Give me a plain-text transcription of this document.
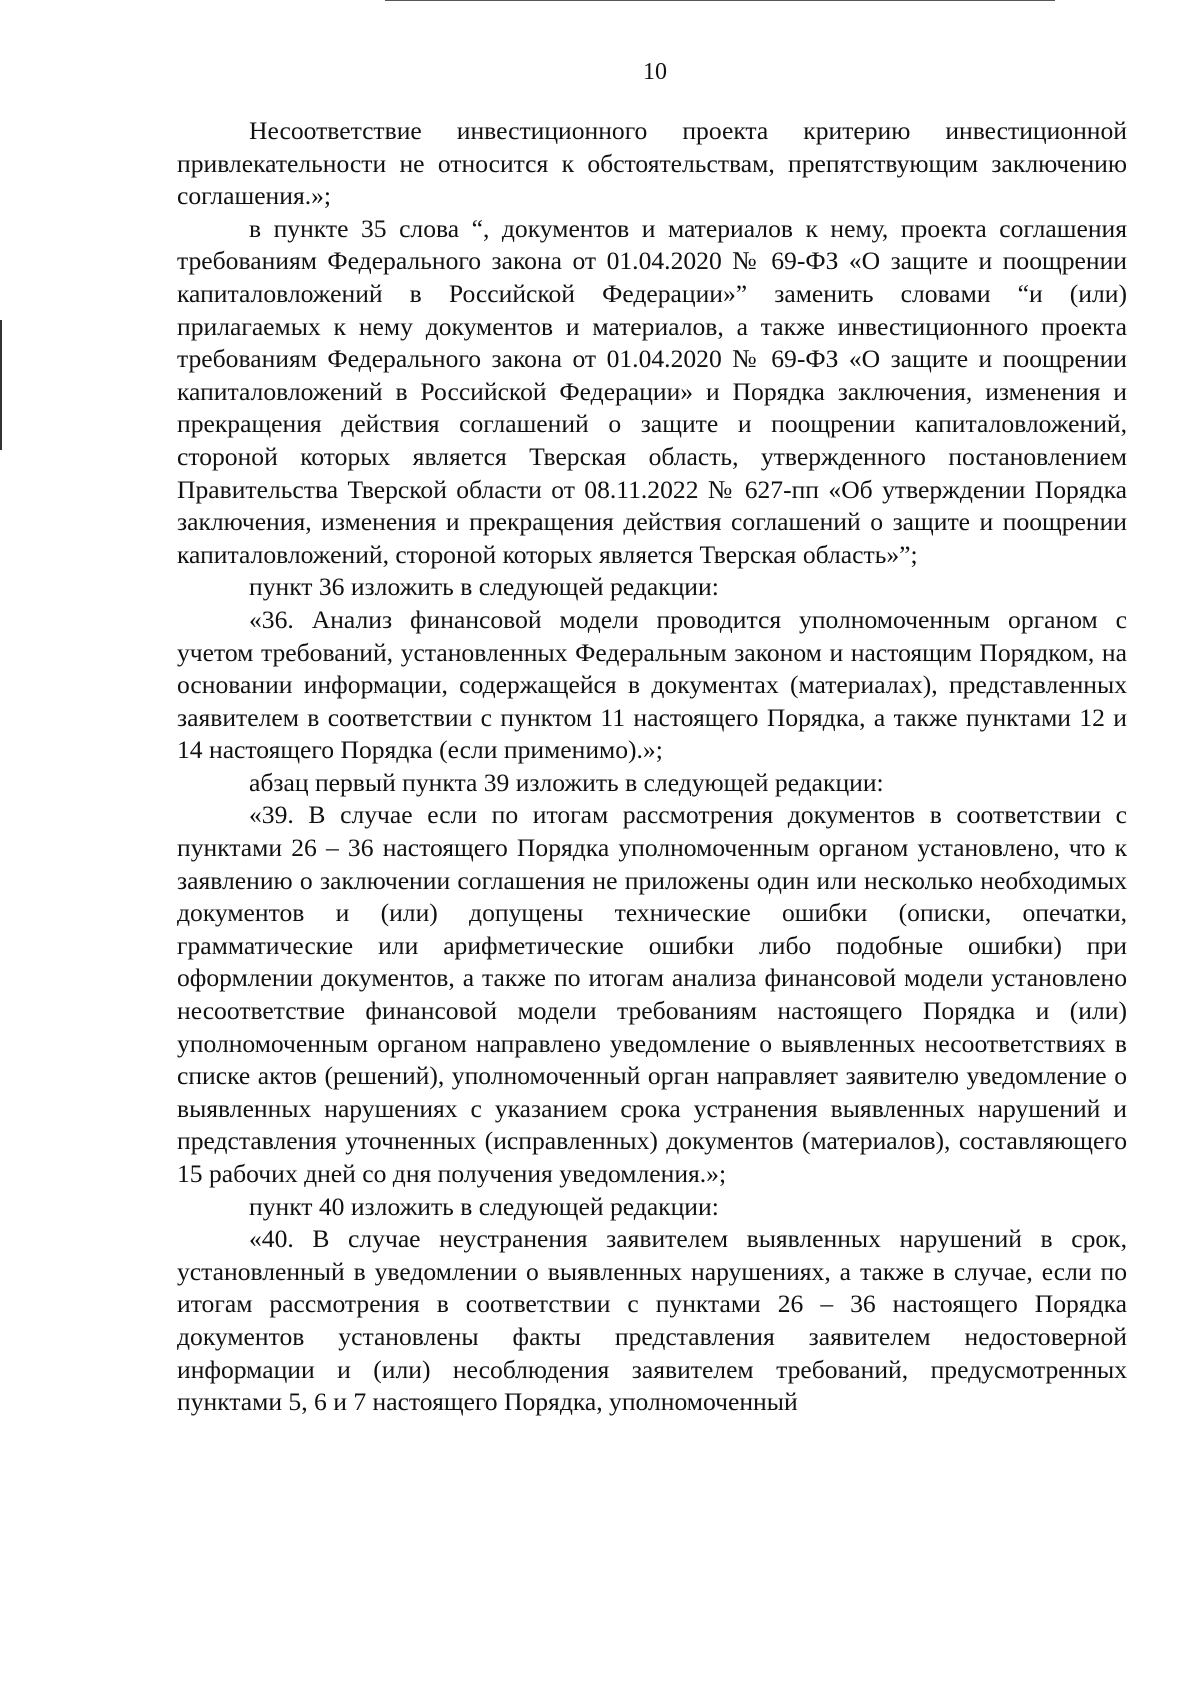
10

Несоответствие инвестиционного проекта критерию инвестиционной привлекательности не относится к обстоятельствам, препятствующим заключению соглашения.»;

в пункте 35 слова “, документов и материалов к нему, проекта соглашения требованиям Федерального закона от 01.04.2020 № 69-ФЗ «О защите и поощрении капиталовложений в Российской Федерации»” заменить словами “и (или) прилагаемых к нему документов и материалов, а также инвестиционного проекта требованиям Федерального закона от 01.04.2020 № 69-ФЗ «О защите и поощрении капиталовложений в Российской Федерации» и Порядка заключения, изменения и прекращения действия соглашений о защите и поощрении капиталовложений, стороной которых является Тверская область, утвержденного постановлением Правительства Тверской области от 08.11.2022 № 627-пп «Об утверждении Порядка заключения, изменения и прекращения действия соглашений о защите и поощрении капиталовложений, стороной которых является Тверская область»”;

пункт 36 изложить в следующей редакции:

«36. Анализ финансовой модели проводится уполномоченным органом с учетом требований, установленных Федеральным законом и настоящим Порядком, на основании информации, содержащейся в документах (материалах), представленных заявителем в соответствии с пунктом 11 настоящего Порядка, а также пунктами 12 и 14 настоящего Порядка (если применимо).»;

абзац первый пункта 39 изложить в следующей редакции:

«39. В случае если по итогам рассмотрения документов в соответствии с пунктами 26 – 36 настоящего Порядка уполномоченным органом установлено, что к заявлению о заключении соглашения не приложены один или несколько необходимых документов и (или) допущены технические ошибки (описки, опечатки, грамматические или арифметические ошибки либо подобные ошибки) при оформлении документов, а также по итогам анализа финансовой модели установлено несоответствие финансовой модели требованиям настоящего Порядка и (или) уполномоченным органом направлено уведомление о выявленных несоответствиях в списке актов (решений), уполномоченный орган направляет заявителю уведомление о выявленных нарушениях с указанием срока устранения выявленных нарушений и представления уточненных (исправленных) документов (материалов), составляющего 15 рабочих дней со дня получения уведомления.»;

пункт 40 изложить в следующей редакции:

«40. В случае неустранения заявителем выявленных нарушений в срок, установленный в уведомлении о выявленных нарушениях, а также в случае, если по итогам рассмотрения в соответствии с пунктами 26 – 36 настоящего Порядка документов установлены факты представления заявителем недостоверной информации и (или) несоблюдения заявителем требований, предусмотренных пунктами 5, 6 и 7 настоящего Порядка, уполномоченный
